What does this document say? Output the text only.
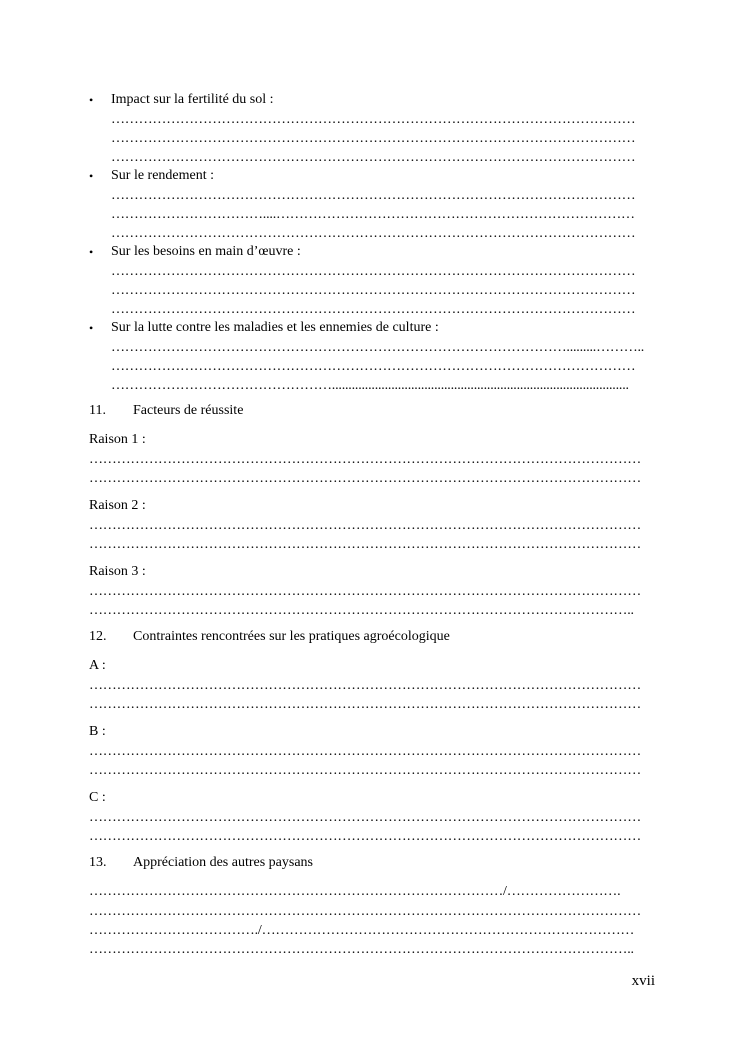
• Impact sur la fertilité du sol :
……………………………………………………………………………………………………
……………………………………………………………………………………………………
……………………………………………………………………………………………………
• Sur le rendement :
……………………………………………………………………………………………………
……………………………....……………………………………………………………………
……………………………………………………………………………………………………
• Sur les besoins en main d’œuvre :
……………………………………………………………………………………………………
……………………………………………………………………………………………………
……………………………………………………………………………………………………
• Sur la lutte contre les maladies et les ennemies de culture :
……………………………………………………………………………………….........………..
……………………………………………………………………………………………………
…………………………………………..........................................................................................
11. Facteurs de réussite
Raison 1 :
…………………………………………………………………………………………………………
…………………………………………………………………………………………………………
Raison 2 :
…………………………………………………………………………………………………………
…………………………………………………………………………………………………………
Raison 3 :
…………………………………………………………………………………………………………
………………………………………………………………………………………………………..
12. Contraintes rencontrées sur les pratiques agroécologique
A :
…………………………………………………………………………………………………………
…………………………………………………………………………………………………………
B :
…………………………………………………………………………………………………………
…………………………………………………………………………………………………………
C :
…………………………………………………………………………………………………………
…………………………………………………………………………………………………………
13. Appréciation des autres paysans
………………………………………………………………………………/…………………….
…………………………………………………………………………………………………………
………………………………./………………………………………………………………………
………………………………………………………………………………………………………..
xvii
